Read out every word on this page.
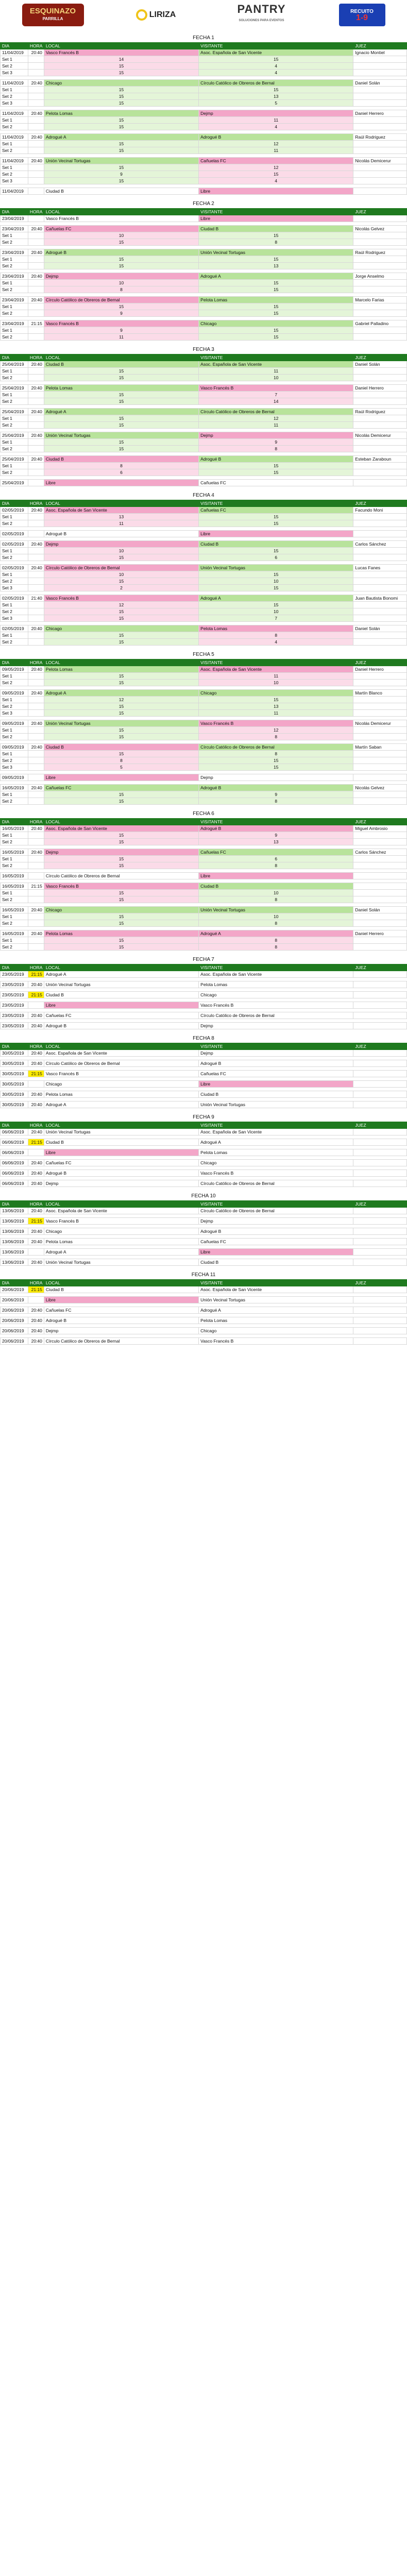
ESQUINAZO
PARRILLA	LIRIZA	PANTRY
SOLUCIONES PARA EVENTOS
RECUITO
1-9
FECHA 1
DIA	HORA	LOCAL	VISITANTE	JUEZ
11/04/2019	20:40	Vasco Francés B	Asoc. Española de San Vicente	Ignacio Montiel
Set 1		14	15	
Set 2		15	4	
Set 3		15	4	

11/04/2019	20:40	Chicago	Círculo Católico de Obreros de Bernal	Daniel Solán
Set 1		15	15	
Set 2		15	13	
Set 3		15	5	

11/04/2019	20:40	Pelota Lomas	Dejmp	Daniel Herrero
Set 1		15	11	
Set 2		15	4	

11/04/2019	20:40	Adrogué A	Adrogué B	Raúl Rodriguez
Set 1		15	12	
Set 2		15	11	

11/04/2019	20:40	Unión Vecinal Tortugas	Cañuelas FC	Nicolás Demicerur
Set 1		15	12	
Set 2		9	15	
Set 3		15	4	

11/04/2019		Ciudad B	Libre	
FECHA 2
DIA	HORA	LOCAL	VISITANTE	JUEZ
23/04/2019		Vasco Francés B	Libre	

23/04/2019	20:40	Cañuelas FC	Ciudad B	Nicolás Gelvez
Set 1		10	15	
Set 2		15	8	

23/04/2019	20:40	Adrogué B	Unión Vecinal Tortugas	Raúl Rodriguez
Set 1		15	15	
Set 2		15	13	

23/04/2019	20:40	Dejmp	Adrogué A	Jorge Anselmo
Set 1		10	15	
Set 2		8	15	

23/04/2019	20:40	Círculo Católico de Obreros de Bernal	Pelota Lomas	Marcelo Farias
Set 1		15	15	
Set 2		9	15	

23/04/2019	21:15	Vasco Francés B	Chicago	Gabriel Palladino
Set 1		9	15	
Set 2		11	15	
FECHA 3
DIA	HORA	LOCAL	VISITANTE	JUEZ
25/04/2019	20:40	Ciudad B	Asoc. Española de San Vicente	Daniel Solán
Set 1		15	11	
Set 2		15	10	

25/04/2019	20:40	Pelota Lomas	Vasco Francés B	Daniel Herrero
Set 1		15	7	
Set 2		15	14	

25/04/2019	20:40	Adrogué A	Círculo Católico de Obreros de Bernal	Raúl Rodriguez
Set 1		15	12	
Set 2		15	11	

25/04/2019	20:40	Unión Vecinal Tortugas	Dejmp	Nicolás Demicerur
Set 1		15	9	
Set 2		15	8	

25/04/2019	20:40	Ciudad B	Adrogué B	Esteban Zaraboun
Set 1		8	15	
Set 2		6	15	

25/04/2019		Libre	Cañuelas FC	
FECHA 4
DIA	HORA	LOCAL	VISITANTE	JUEZ
02/05/2019	20:40	Asoc. Española de San Vicente	Cañuelas FC	Facundo Moni
Set 1		13	15	
Set 2		11	15	

02/05/2019		Adrogué B	Libre	

02/05/2019	20:40	Dejmp	Ciudad B	Carlos Sánchez
Set 1		10	15	
Set 2		15	6	

02/05/2019	20:40	Círculo Católico de Obreros de Bernal	Unión Vecinal Tortugas	Lucas Fanes
Set 1		10	15	
Set 2		15	10	
Set 3		2	15	

02/05/2019	21:40	Vasco Francés B	Adrogué A	Juan Bautista Bonomi
Set 1		12	15	
Set 2		15	10	
Set 3		15	7	

02/05/2019	20:40	Chicago	Pelota Lomas	Daniel Solán
Set 1		15	8	
Set 2		15	4	
FECHA 5
DIA	HORA	LOCAL	VISITANTE	JUEZ
09/05/2019	20:40	Pelota Lomas	Asoc. Española de San Vicente	Daniel Herrero
Set 1		15	11	
Set 2		15	10	

09/05/2019	20:40	Adrogué A	Chicago	Martín Blanco
Set 1		12	15	
Set 2		15	13	
Set 3		15	11	

09/05/2019	20:40	Unión Vecinal Tortugas	Vasco Francés B	Nicolás Demicerur
Set 1		15	12	
Set 2		15	8	

09/05/2019	20:40	Ciudad B	Círculo Católico de Obreros de Bernal	Martín Saban
Set 1		15	8	
Set 2		8	15	
Set 3		5	15	

09/05/2019		Libre	Dejmp	

16/05/2019	20:40	Cañuelas FC	Adrogué B	Nicolás Gelvez
Set 1		15	9	
Set 2		15	8	
FECHA 6
DIA	HORA	LOCAL	VISITANTE	JUEZ
16/05/2019	20:40	Asoc. Española de San Vicente	Adrogué B	Miguel Ambrosio
Set 1		15	9	
Set 2		15	13	

16/05/2019	20:40	Dejmp	Cañuelas FC	Carlos Sánchez
Set 1		15	6	
Set 2		15	8	

16/05/2019		Círculo Católico de Obreros de Bernal	Libre	

16/05/2019	21:15	Vasco Francés B	Ciudad B	
Set 1		15	10	
Set 2		15	8	

16/05/2019	20:40	Chicago	Unión Vecinal Tortugas	Daniel Solán
Set 1		15	10	
Set 2		15	8	

16/05/2019	20:40	Pelota Lomas	Adrogué A	Daniel Herrero
Set 1		15	8	
Set 2		15	8	
FECHA 7
DIA	HORA	LOCAL	VISITANTE	JUEZ
23/05/2019	21:15	Adrogué A	Asoc. Española de San Vicente	

23/05/2019	20:40	Unión Vecinal Tortugas	Pelota Lomas	

23/05/2019	21:15	Ciudad B	Chicago	

23/05/2019		Libre	Vasco Francés B	

23/05/2019	20:40	Cañuelas FC	Círculo Católico de Obreros de Bernal	

23/05/2019	20:40	Adrogué B	Dejmp	
FECHA 8
DIA	HORA	LOCAL	VISITANTE	JUEZ
30/05/2019	20:40	Asoc. Española de San Vicente	Dejmp	

30/05/2019	20:40	Círculo Católico de Obreros de Bernal	Adrogué B	

30/05/2019	21:15	Vasco Francés B	Cañuelas FC	

30/05/2019		Chicago	Libre	

30/05/2019	20:40	Pelota Lomas	Ciudad B	

30/05/2019	20:40	Adrogué A	Unión Vecinal Tortugas	
FECHA 9
DIA	HORA	LOCAL	VISITANTE	JUEZ
06/06/2019	20:40	Unión Vecinal Tortugas	Asoc. Española de San Vicente	

06/06/2019	21:15	Ciudad B	Adrogué A	

06/06/2019		Libre	Pelota Lomas	

06/06/2019	20:40	Cañuelas FC	Chicago	

06/06/2019	20:40	Adrogué B	Vasco Francés B	

06/06/2019	20:40	Dejmp	Círculo Católico de Obreros de Bernal	
FECHA 10
DIA	HORA	LOCAL	VISITANTE	JUEZ
13/06/2019	20:40	Asoc. Española de San Vicente	Círculo Católico de Obreros de Bernal	

13/06/2019	21:15	Vasco Francés B	Dejmp	

13/06/2019	20:40	Chicago	Adrogué B	

13/06/2019	20:40	Pelota Lomas	Cañuelas FC	

13/06/2019		Adrogué A	Libre	

13/06/2019	20:40	Unión Vecinal Tortugas	Ciudad B	
FECHA 11
DIA	HORA	LOCAL	VISITANTE	JUEZ
20/06/2019	21:15	Ciudad B	Asoc. Española de San Vicente	

20/06/2019		Libre	Unión Vecinal Tortugas	

20/06/2019	20:40	Cañuelas FC	Adrogué A	

20/06/2019	20:40	Adrogué B	Pelota Lomas	

20/06/2019	20:40	Dejmp	Chicago	

20/06/2019	20:40	Círculo Católico de Obreros de Bernal	Vasco Francés B	
